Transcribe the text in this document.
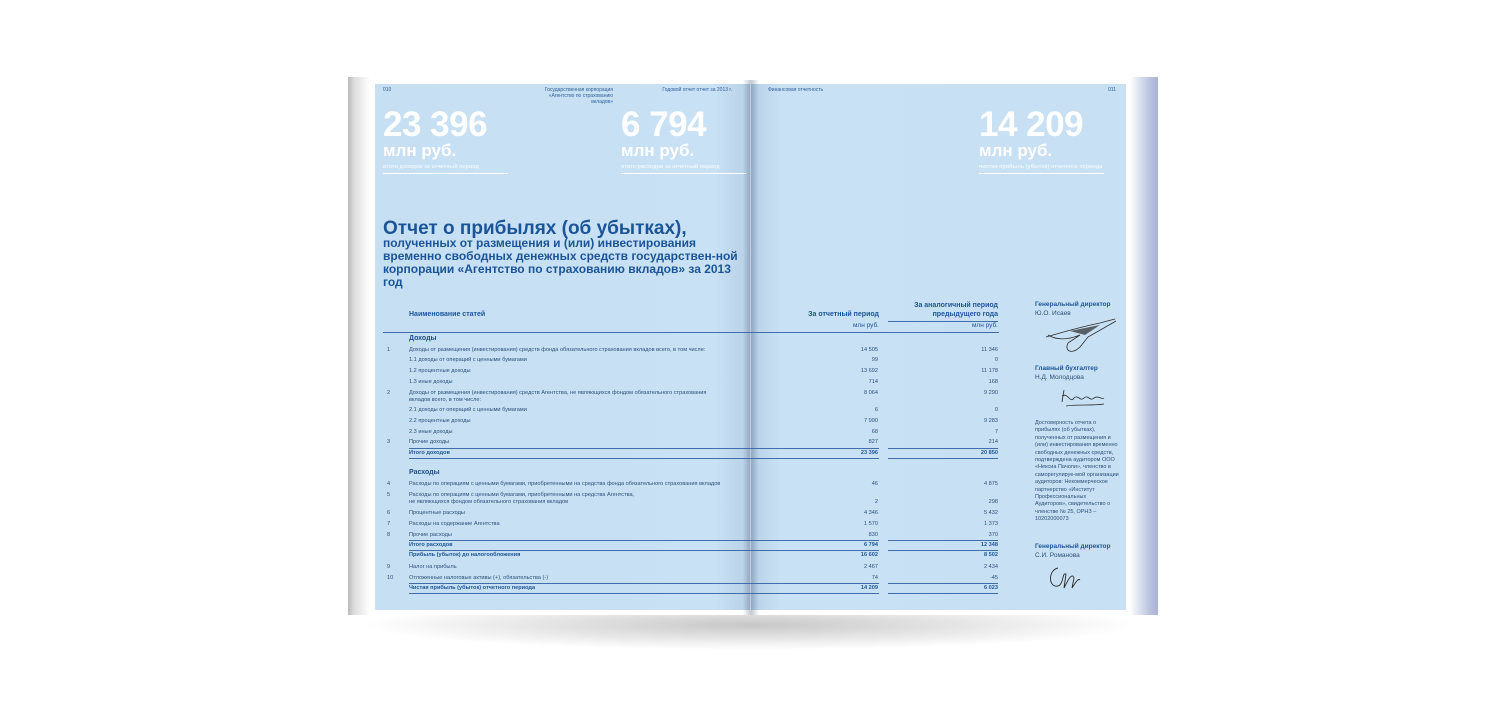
010	Государственная корпорация
«Агентство по страхованию вкладов»
Годовой отчет отчет за 2013 г.	Финансовая отчетность	011
23 396
млн руб.
итого доходов за отчетный период
6 794
млн руб.
итого расходов за отчетный период
14 209
млн руб.
чистая прибыль (убыток) отчетного периода
Отчет о прибылях (об убытках),
полученных от размещения и (или) инвестирования временно свободных денежных средств государствен-ной корпорации «Агентство по страхованию вкладов» за 2013 год
Наименование статей	За отчетный период
За аналогичный период предыдущего года
млн руб.	млн руб.
Доходы
1	Доходы от размещения (инвестирования) средств фонда обязательного страхования вкладов всего, в том числе:	14 505	11 346
1.1 доходы от операций с ценными бумагами	99	0
1.2 процентные доходы	13 692	11 178
1.3 иные доходы	714	168
2	Доходы от размещения (инвестирования) средств Агентства, не являющихся фондом обязательного страхования
вкладов всего, в том числе:
8 064	9 290
2.1 доходы от операций с ценными бумагами	6	0
2.2 процентные доходы	7 990	9 283
2.3 иные доходы	68	7
3	Прочие доходы	827	214
Итого доходов	23 396	20 850
Расходы
4	Расходы по операциям с ценными бумагами, приобретенными на средства фонда обязательного страхования вкладов	46	4 875
5	Расходы по операциям с ценными бумагами, приобретенными на средства Агентства,
не являющихся фондом обязательного страхования вкладов	2	298
6	Процентные расходы	4 346	5 432
7	Расходы на содержание Агентства	1 570	1 373
8	Прочие расходы	830	370
Итого расходов	6 794	12 348
Прибыль (убыток) до налогообложения	16 602	8 502
9	Налог на прибыль	2 467	2 434
10	Отложенные налоговые активы (+), обязательства (-)	74	-45
Чистая прибыль (убыток) отчетного периода	14 209	6 023
Генеральный директор
Ю.О. Исаев
Главный бухгалтер
Н.Д. Молодцова
Достоверность отчета о прибылях (об убытках), полученных от размещения и (или) инвестирования временно свободных денежных средств, подтверждена аудитором ООО «Нексиа Пачоли», членство в саморегулируе-мой организации аудиторов: Некоммерческое партнерство «Институт Профессиональных Аудиторов», свидетельство о членстве № 25, ОРНЗ – 10202000073
Генеральный директор
С.И. Романова
